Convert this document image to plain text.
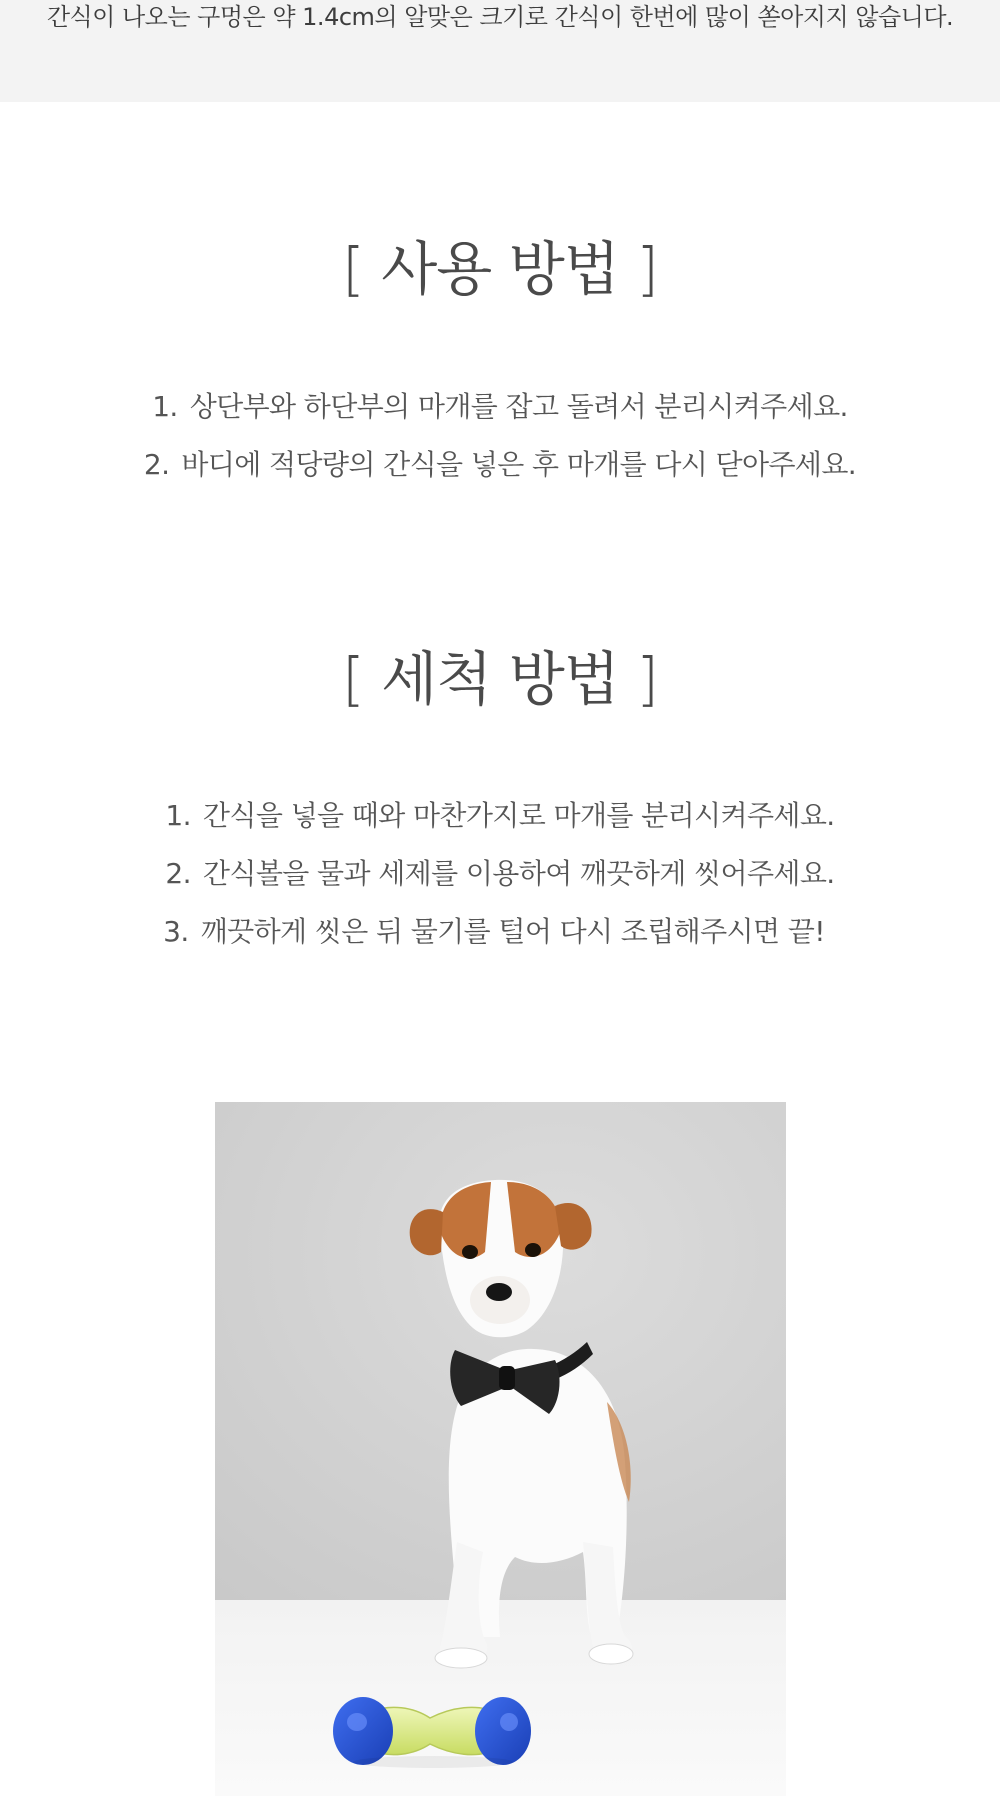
간식이 나오는 구멍은 약 1.4cm의 알맞은 크기로 간식이 한번에 많이 쏟아지지 않습니다.
[ 사용 방법 ]
1. 상단부와 하단부의 마개를 잡고 돌려서 분리시켜주세요.
2. 바디에 적당량의 간식을 넣은 후 마개를 다시 닫아주세요.
[ 세척 방법 ]
1. 간식을 넣을 때와 마찬가지로 마개를 분리시켜주세요.
2. 간식볼을 물과 세제를 이용하여 깨끗하게 씻어주세요.
3. 깨끗하게 씻은 뒤 물기를 털어 다시 조립해주시면 끝!
